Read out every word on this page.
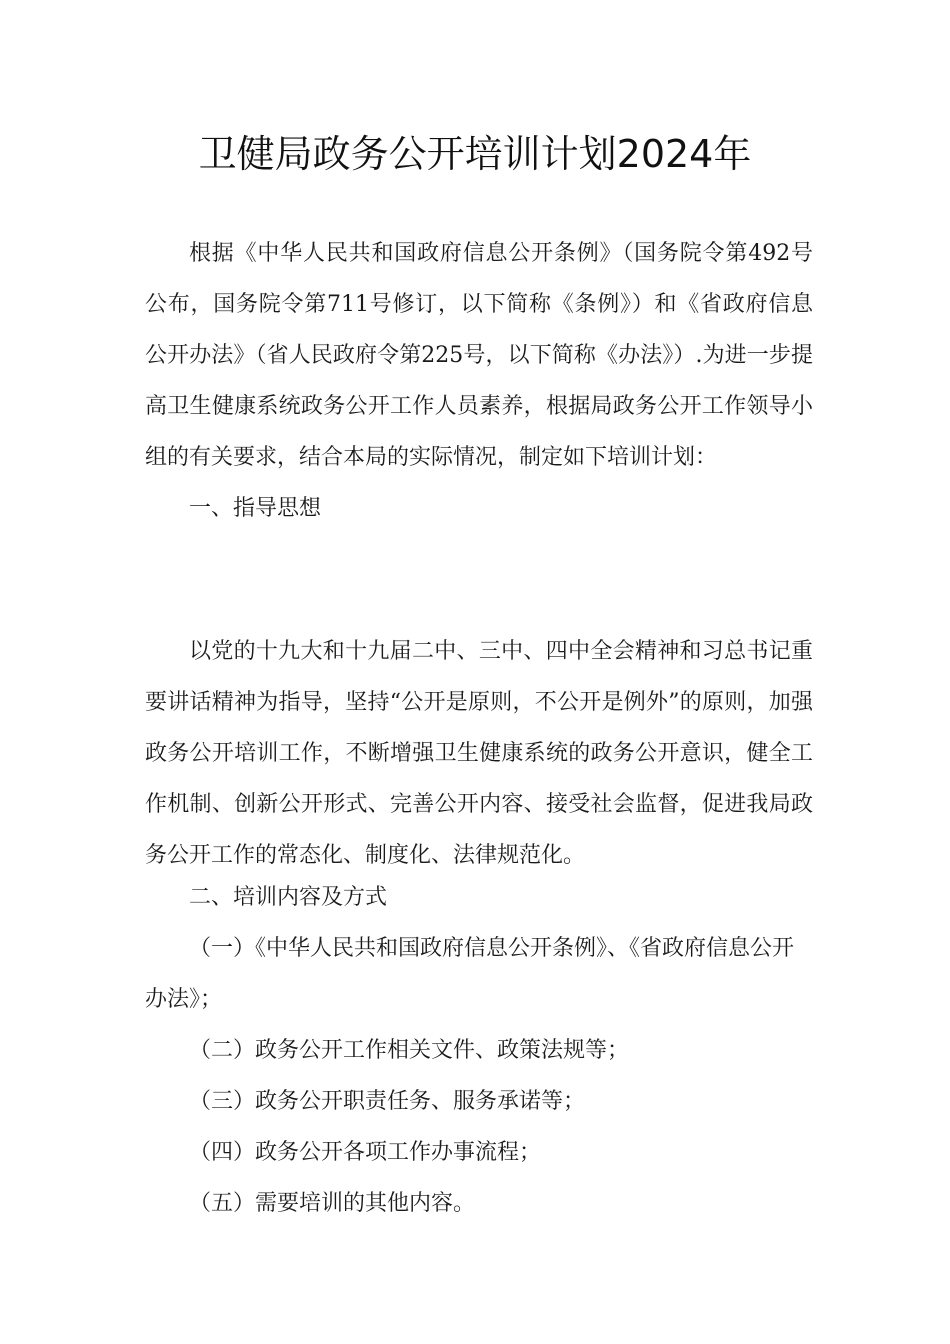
卫健局政务公开培训计划2024年

根据《中华人民共和国政府信息公开条例》（国务院令第492号公布，国务院令第711号修订，以下简称《条例》）和《省政府信息公开办法》（省人民政府令第225号，以下简称《办法》）.为进一步提高卫生健康系统政务公开工作人员素养，根据局政务公开工作领导小组的有关要求，结合本局的实际情况，制定如下培训计划：

一、指导思想

以党的十九大和十九届二中、三中、四中全会精神和习总书记重要讲话精神为指导，坚持“公开是原则，不公开是例外”的原则，加强政务公开培训工作，不断增强卫生健康系统的政务公开意识，健全工作机制、创新公开形式、完善公开内容、接受社会监督，促进我局政务公开工作的常态化、制度化、法律规范化。

二、培训内容及方式

（一）《中华人民共和国政府信息公开条例》、《省政府信息公开办法》；

（二）政务公开工作相关文件、政策法规等；

（三）政务公开职责任务、服务承诺等；

（四）政务公开各项工作办事流程；

（五）需要培训的其他内容。
